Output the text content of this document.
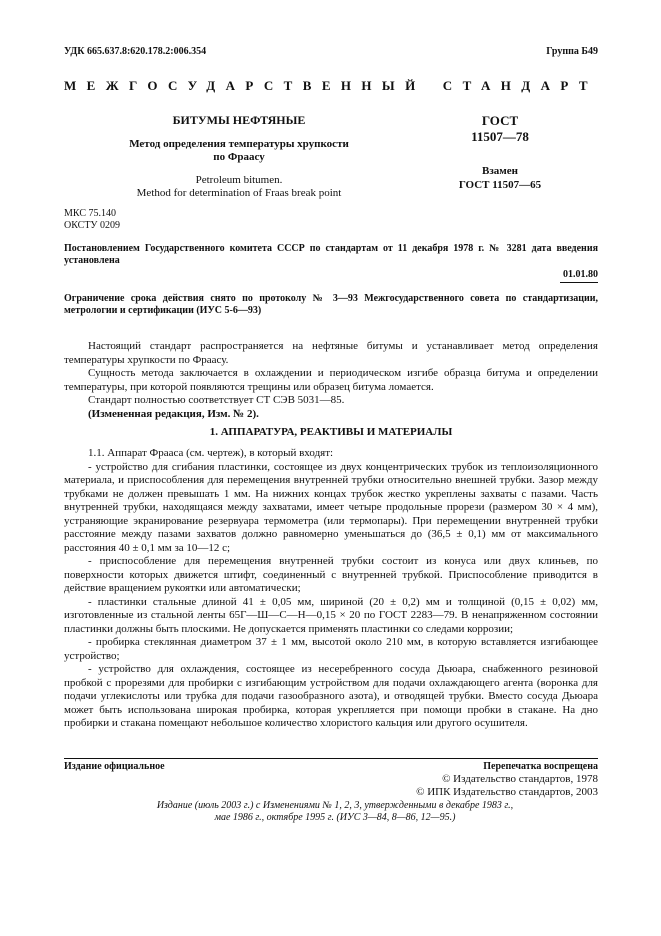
УДК 665.637.8:620.178.2:006.354	Группа Б49
МЕЖГОСУДАРСТВЕННЫЙ СТАНДАРТ
БИТУМЫ НЕФТЯНЫЕ
Метод определения температуры хрупкости
по Фраасу
Petroleum bitumen.
Method for determination of Fraas break point
ГОСТ
11507—78
Взамен
ГОСТ 11507—65
МКС 75.140
ОКСТУ 0209
Постановлением Государственного комитета СССР по стандартам от 11 декабря 1978 г. № 3281 дата введения установлена
01.01.80
Ограничение срока действия снято по протоколу № 3—93 Межгосударственного совета по стандартизации, метрологии и сертификации (ИУС 5-6—93)

Настоящий стандарт распространяется на нефтяные битумы и устанавливает метод определения температуры хрупкости по Фраасу.

Сущность метода заключается в охлаждении и периодическом изгибе образца битума и определении температуры, при которой появляются трещины или образец битума ломается.

Стандарт полностью соответствует СТ СЭВ 5031—85.

(Измененная редакция, Изм. № 2).

1. АППАРАТУРА, РЕАКТИВЫ И МАТЕРИАЛЫ

1.1. Аппарат Фрааса (см. чертеж), в который входят:

- устройство для сгибания пластинки, состоящее из двух концентрических трубок из теплоизоляционного материала, и приспособления для перемещения внутренней трубки относительно внешней трубки. Зазор между трубками не должен превышать 1 мм. На нижних концах трубок жестко укреплены захваты с пазами. Часть внутренней трубки, находящаяся между захватами, имеет четыре продольные прорези (размером 30 × 4 мм), устраняющие экранирование резервуара термометра (или термопары). При перемещении внутренней трубки расстояние между пазами захватов должно равномерно уменьшаться до (36,5 ± 0,1) мм от максимального расстояния 40 ± 0,1 мм за 10—12 с;

- приспособление для перемещения внутренней трубки состоит из конуса или двух клиньев, по поверхности которых движется штифт, соединенный с внутренней трубкой. Приспособление приводится в действие вращением рукоятки или автоматически;

- пластинки стальные длиной 41 ± 0,05 мм, шириной (20 ± 0,2) мм и толщиной (0,15 ± 0,02) мм, изготовленные из стальной ленты 65Г—Ш—С—Н—0,15 × 20 по ГОСТ 2283—79. В ненапряженном состоянии пластинки должны быть плоскими. Не допускается применять пластинки со следами коррозии;

- пробирка стеклянная диаметром 37 ± 1 мм, высотой около 210 мм, в которую вставляется изгибающее устройство;

- устройство для охлаждения, состоящее из несеребренного сосуда Дьюара, снабженного резиновой пробкой с прорезями для пробирки с изгибающим устройством для подачи охлаждающего агента (воронка для подачи углекислоты или трубка для подачи газообразного азота), и отводящей трубки. Вместо сосуда Дьюара может быть использована широкая пробирка, которая укрепляется при помощи пробки в стакане. На дно пробирки и стакана помещают небольшое количество хлористого кальция или другого осушителя.

Издание официальное	Перепечатка воспрещена
© Издательство стандартов, 1978
© ИПК Издательство стандартов, 2003
Издание (июль 2003 г.) с Изменениями № 1, 2, 3, утвержденными в декабре 1983 г.,
мае 1986 г., октябре 1995 г. (ИУС 3—84, 8—86, 12—95.)
